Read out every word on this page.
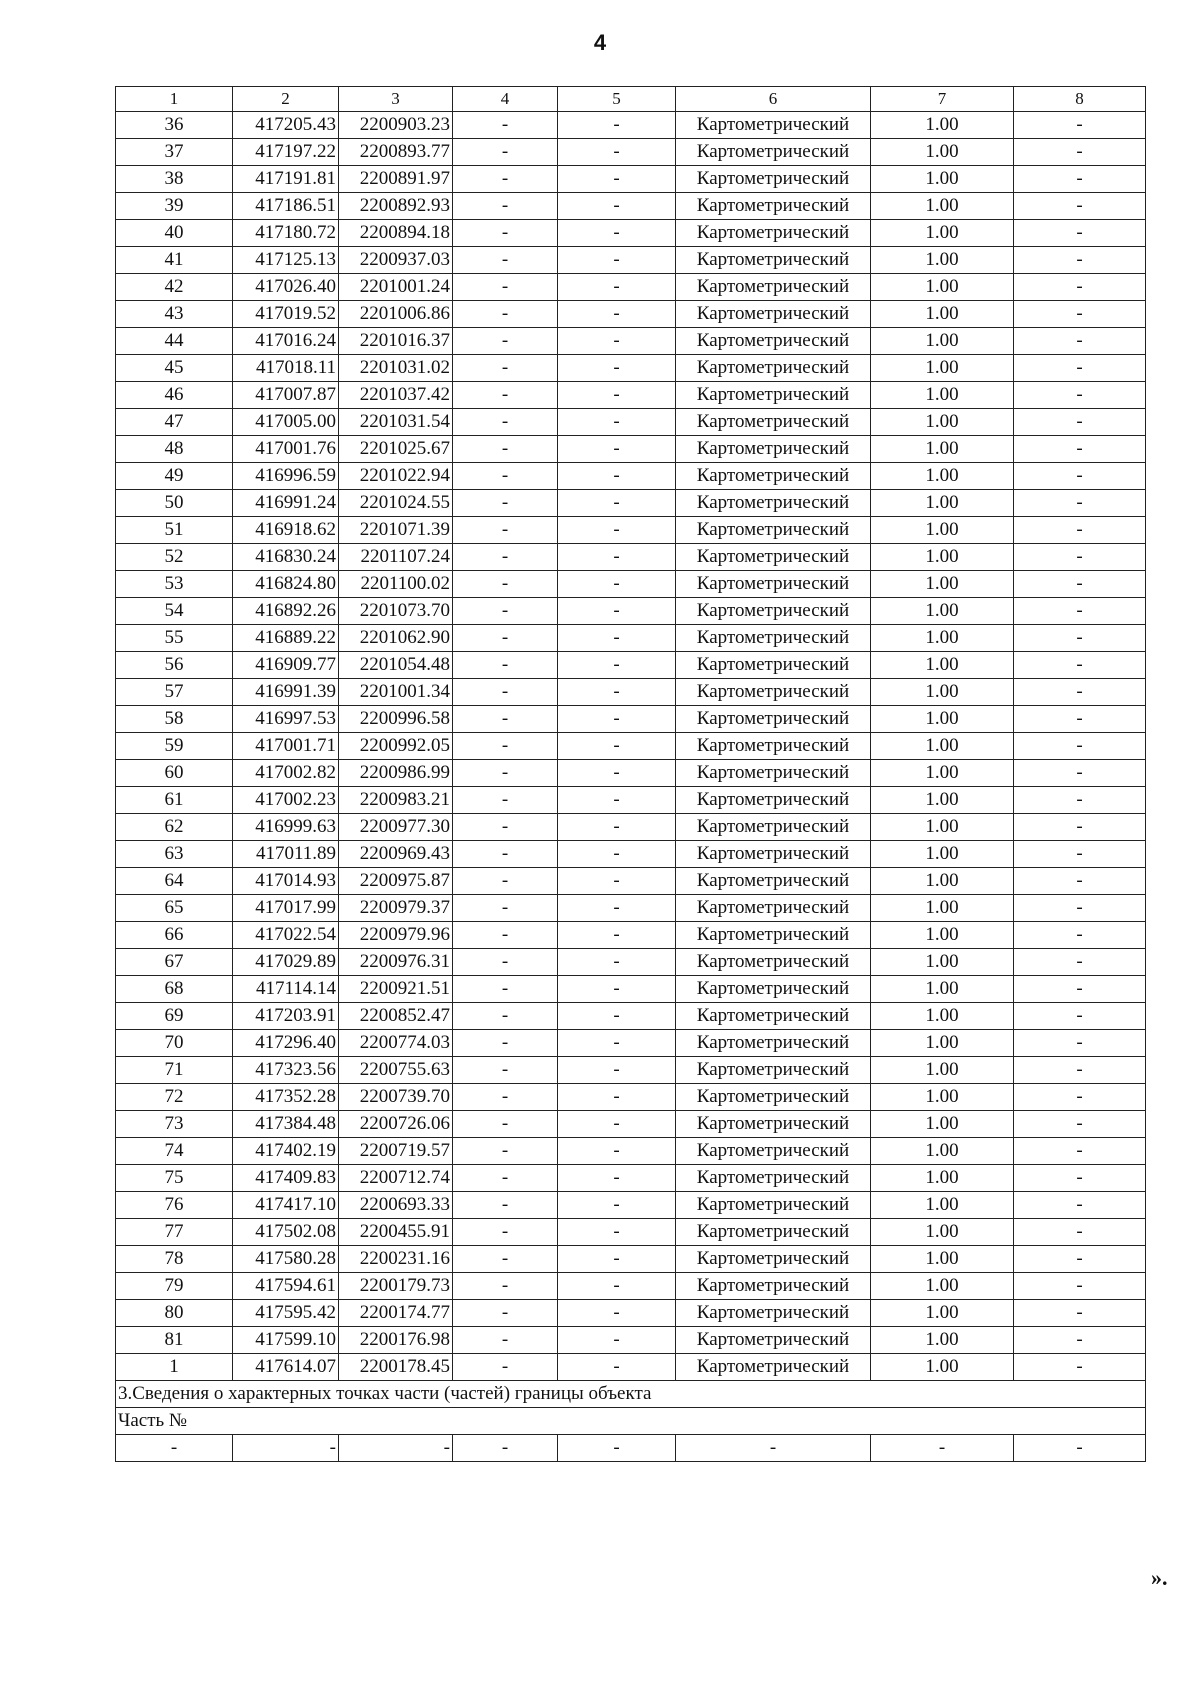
4
1	2	3	4	5	6	7	8
36	417205.43	2200903.23	-	-	Картометрический	1.00	-
37	417197.22	2200893.77	-	-	Картометрический	1.00	-
38	417191.81	2200891.97	-	-	Картометрический	1.00	-
39	417186.51	2200892.93	-	-	Картометрический	1.00	-
40	417180.72	2200894.18	-	-	Картометрический	1.00	-
41	417125.13	2200937.03	-	-	Картометрический	1.00	-
42	417026.40	2201001.24	-	-	Картометрический	1.00	-
43	417019.52	2201006.86	-	-	Картометрический	1.00	-
44	417016.24	2201016.37	-	-	Картометрический	1.00	-
45	417018.11	2201031.02	-	-	Картометрический	1.00	-
46	417007.87	2201037.42	-	-	Картометрический	1.00	-
47	417005.00	2201031.54	-	-	Картометрический	1.00	-
48	417001.76	2201025.67	-	-	Картометрический	1.00	-
49	416996.59	2201022.94	-	-	Картометрический	1.00	-
50	416991.24	2201024.55	-	-	Картометрический	1.00	-
51	416918.62	2201071.39	-	-	Картометрический	1.00	-
52	416830.24	2201107.24	-	-	Картометрический	1.00	-
53	416824.80	2201100.02	-	-	Картометрический	1.00	-
54	416892.26	2201073.70	-	-	Картометрический	1.00	-
55	416889.22	2201062.90	-	-	Картометрический	1.00	-
56	416909.77	2201054.48	-	-	Картометрический	1.00	-
57	416991.39	2201001.34	-	-	Картометрический	1.00	-
58	416997.53	2200996.58	-	-	Картометрический	1.00	-
59	417001.71	2200992.05	-	-	Картометрический	1.00	-
60	417002.82	2200986.99	-	-	Картометрический	1.00	-
61	417002.23	2200983.21	-	-	Картометрический	1.00	-
62	416999.63	2200977.30	-	-	Картометрический	1.00	-
63	417011.89	2200969.43	-	-	Картометрический	1.00	-
64	417014.93	2200975.87	-	-	Картометрический	1.00	-
65	417017.99	2200979.37	-	-	Картометрический	1.00	-
66	417022.54	2200979.96	-	-	Картометрический	1.00	-
67	417029.89	2200976.31	-	-	Картометрический	1.00	-
68	417114.14	2200921.51	-	-	Картометрический	1.00	-
69	417203.91	2200852.47	-	-	Картометрический	1.00	-
70	417296.40	2200774.03	-	-	Картометрический	1.00	-
71	417323.56	2200755.63	-	-	Картометрический	1.00	-
72	417352.28	2200739.70	-	-	Картометрический	1.00	-
73	417384.48	2200726.06	-	-	Картометрический	1.00	-
74	417402.19	2200719.57	-	-	Картометрический	1.00	-
75	417409.83	2200712.74	-	-	Картометрический	1.00	-
76	417417.10	2200693.33	-	-	Картометрический	1.00	-
77	417502.08	2200455.91	-	-	Картометрический	1.00	-
78	417580.28	2200231.16	-	-	Картометрический	1.00	-
79	417594.61	2200179.73	-	-	Картометрический	1.00	-
80	417595.42	2200174.77	-	-	Картометрический	1.00	-
81	417599.10	2200176.98	-	-	Картометрический	1.00	-
1	417614.07	2200178.45	-	-	Картометрический	1.00	-
3.Сведения о характерных точках части (частей) границы объекта							
Часть №							
-	-	-	-	-	-	-	-
».
